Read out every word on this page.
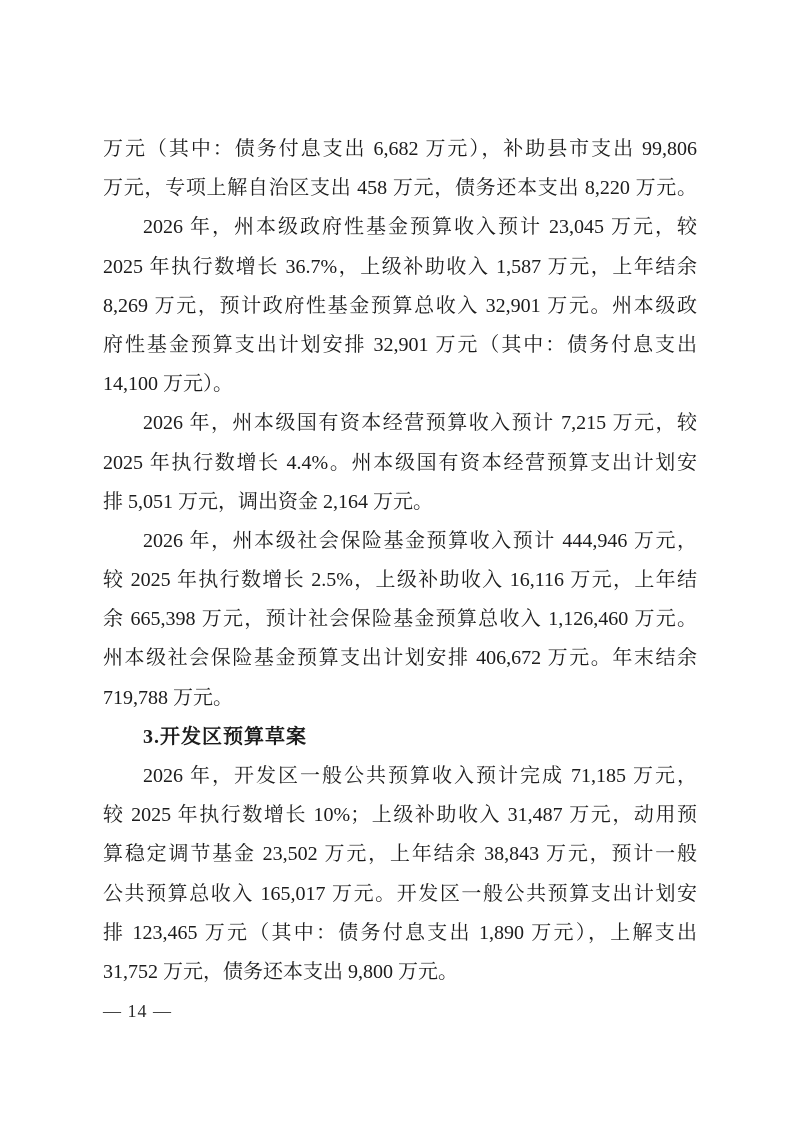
万元（其中：债务付息支出 6,682 万元），补助县市支出 99,806
万元，专项上解自治区支出 458 万元，债务还本支出 8,220 万元。
2026 年，州本级政府性基金预算收入预计 23,045 万元，较
2025 年执行数增长 36.7%，上级补助收入 1,587 万元，上年结余
8,269 万元，预计政府性基金预算总收入 32,901 万元。州本级政
府性基金预算支出计划安排 32,901 万元（其中：债务付息支出
14,100 万元）。
2026 年，州本级国有资本经营预算收入预计 7,215 万元，较
2025 年执行数增长 4.4%。州本级国有资本经营预算支出计划安
排 5,051 万元，调出资金 2,164 万元。
2026 年，州本级社会保险基金预算收入预计 444,946 万元，
较 2025 年执行数增长 2.5%，上级补助收入 16,116 万元，上年结
余 665,398 万元，预计社会保险基金预算总收入 1,126,460 万元。
州本级社会保险基金预算支出计划安排 406,672 万元。年末结余
719,788 万元。
3.开发区预算草案
2026 年，开发区一般公共预算收入预计完成 71,185 万元，
较 2025 年执行数增长 10%；上级补助收入 31,487 万元，动用预
算稳定调节基金 23,502 万元，上年结余 38,843 万元，预计一般
公共预算总收入 165,017 万元。开发区一般公共预算支出计划安
排 123,465 万元（其中：债务付息支出 1,890 万元），上解支出
31,752 万元，债务还本支出 9,800 万元。
— 14 —
